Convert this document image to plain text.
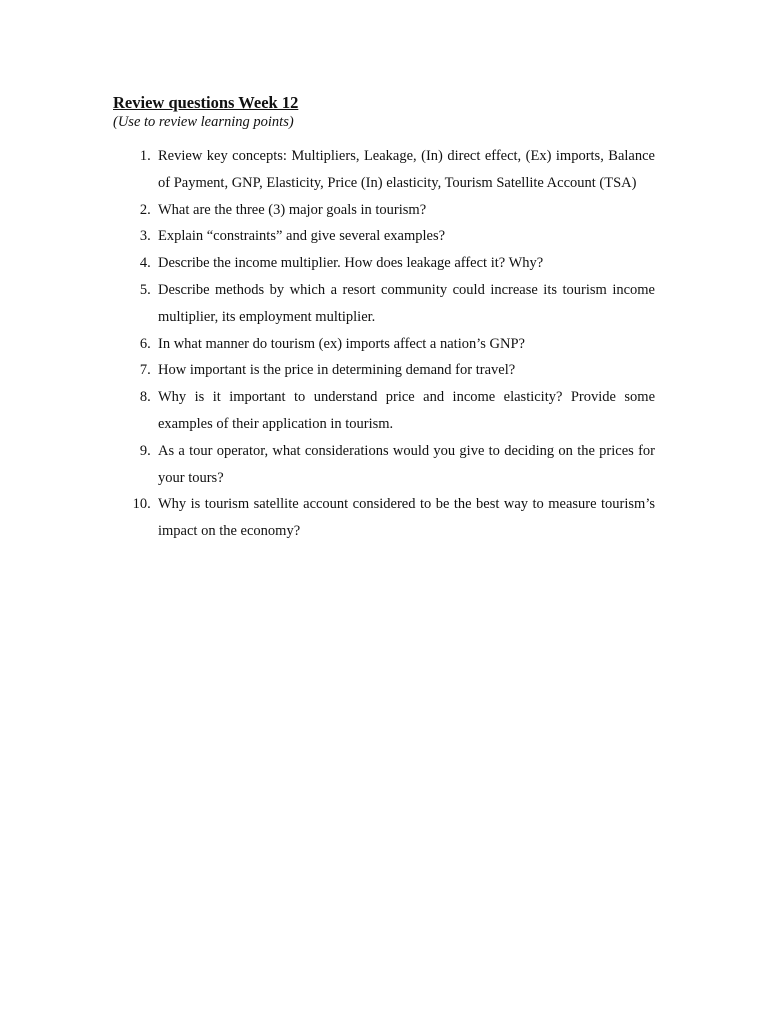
Review questions Week 12

(Use to review learning points)

1. Review key concepts: Multipliers, Leakage, (In) direct effect, (Ex) imports, Balance of Payment, GNP, Elasticity, Price (In) elasticity, Tourism Satellite Account (TSA)
2. What are the three (3) major goals in tourism?
3. Explain “constraints” and give several examples?
4. Describe the income multiplier. How does leakage affect it? Why?
5. Describe methods by which a resort community could increase its tourism income multiplier, its employment multiplier.
6. In what manner do tourism (ex) imports affect a nation’s GNP?
7. How important is the price in determining demand for travel?
8. Why is it important to understand price and income elasticity? Provide some examples of their application in tourism.
9. As a tour operator, what considerations would you give to deciding on the prices for your tours?
10. Why is tourism satellite account considered to be the best way to measure tourism’s impact on the economy?
